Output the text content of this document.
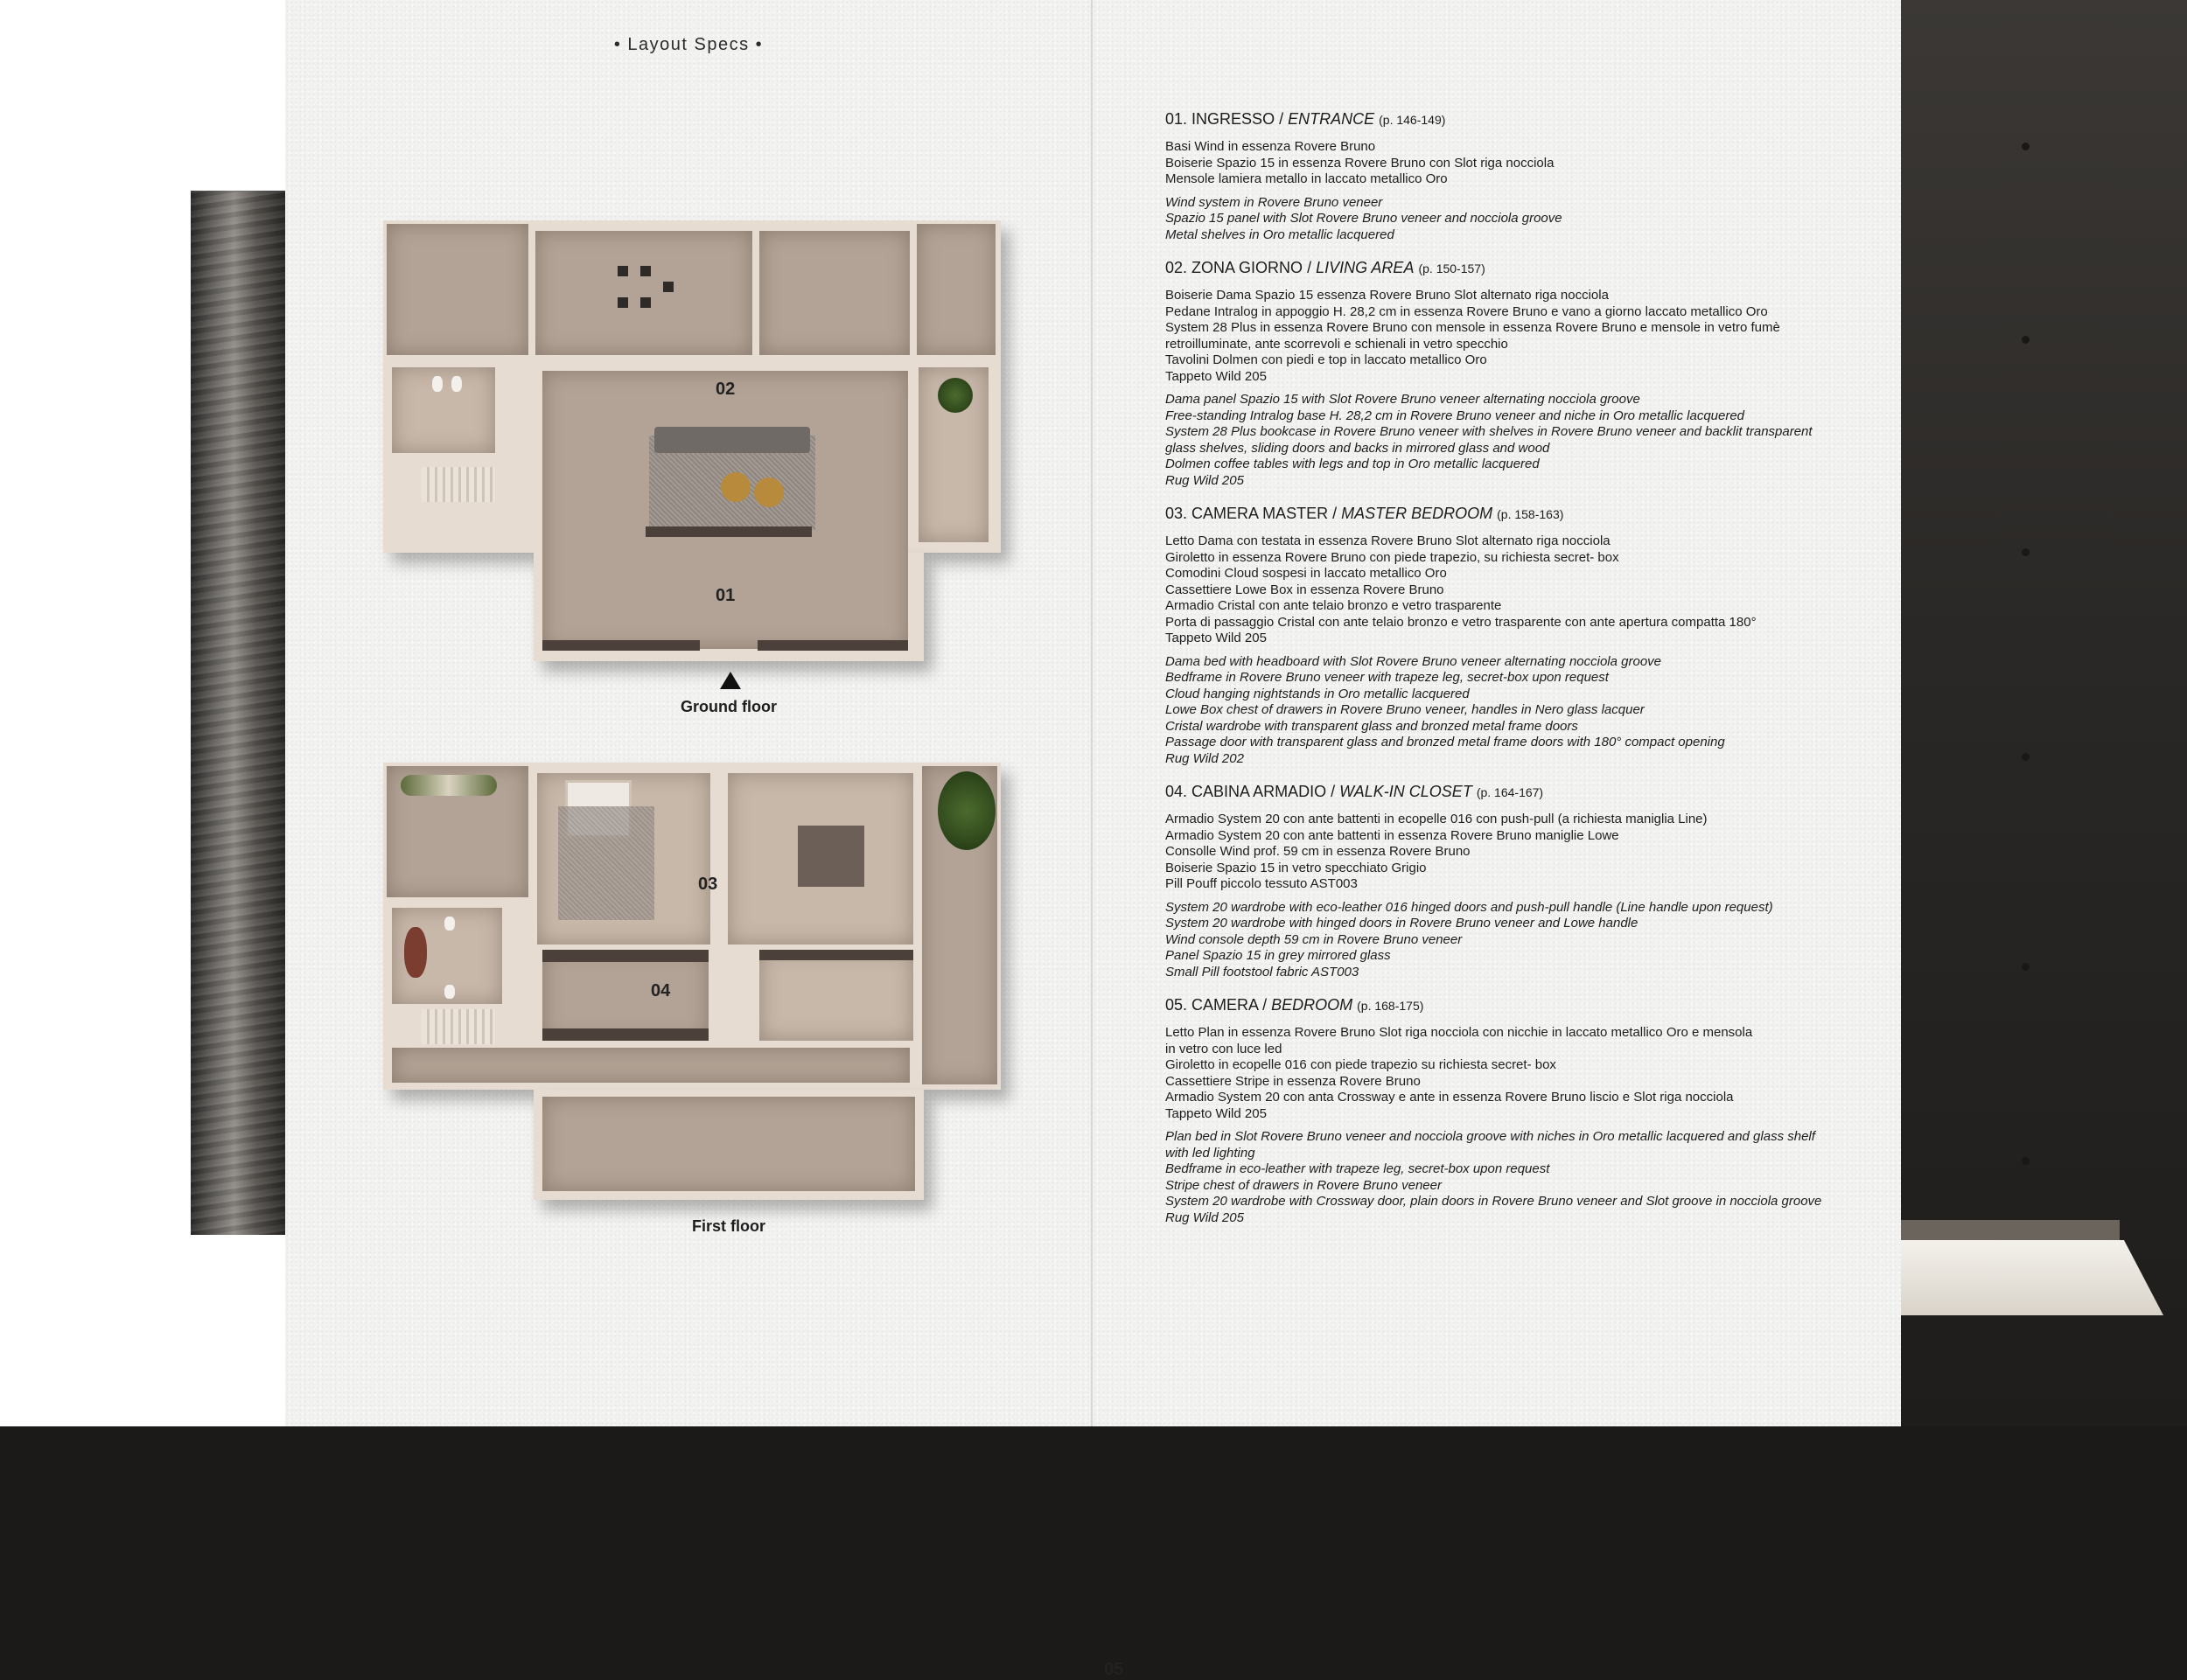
• Layout Specs •
02
01
Ground floor
03
05
04
First floor
01. INGRESSO / ENTRANCE (p. 146-149)
Basi Wind in essenza Rovere Bruno
Boiserie Spazio 15 in essenza Rovere Bruno con Slot riga nocciola
Mensole lamiera metallo in laccato metallico Oro
Wind system in Rovere Bruno veneer
Spazio 15 panel with Slot Rovere Bruno veneer and nocciola groove
Metal shelves in Oro metallic lacquered
02. ZONA GIORNO / LIVING AREA (p. 150-157)
Boiserie Dama Spazio 15 essenza Rovere Bruno Slot alternato riga nocciola
Pedane Intralog in appoggio H. 28,2 cm in essenza Rovere Bruno e vano a giorno laccato metallico Oro
System 28 Plus in essenza Rovere Bruno con mensole in essenza Rovere Bruno e mensole in vetro fumè
retroilluminate, ante scorrevoli e schienali in vetro specchio
Tavolini Dolmen con piedi e top in laccato metallico Oro
Tappeto Wild 205
Dama panel Spazio 15 with Slot Rovere Bruno veneer alternating nocciola groove
Free-standing Intralog base H. 28,2 cm in Rovere Bruno veneer and niche in Oro metallic lacquered
System 28 Plus bookcase in Rovere Bruno veneer with shelves in Rovere Bruno veneer and backlit transparent
glass shelves, sliding doors and backs in mirrored glass and wood
Dolmen coffee tables with legs and top in Oro metallic lacquered
Rug Wild 205
03. CAMERA MASTER / MASTER BEDROOM (p. 158-163)
Letto Dama con testata in essenza Rovere Bruno Slot alternato riga nocciola
Giroletto in essenza Rovere Bruno con piede trapezio, su richiesta secret- box
Comodini Cloud sospesi in laccato metallico Oro
Cassettiere Lowe Box in essenza Rovere Bruno
Armadio Cristal con ante telaio bronzo e vetro trasparente
Porta di passaggio Cristal con ante telaio bronzo e vetro trasparente con ante apertura compatta 180°
Tappeto Wild 205
Dama bed with headboard with Slot Rovere Bruno veneer alternating nocciola groove
Bedframe in Rovere Bruno veneer with trapeze leg, secret-box upon request
Cloud hanging nightstands in Oro metallic lacquered
Lowe Box chest of drawers in Rovere Bruno veneer, handles in Nero glass lacquer
Cristal wardrobe with transparent glass and bronzed metal frame doors
Passage door with transparent glass and bronzed metal frame doors with 180° compact opening
Rug Wild 202
04. CABINA ARMADIO / WALK-IN CLOSET (p. 164-167)
Armadio System 20 con ante battenti in ecopelle 016 con push-pull (a richiesta maniglia Line)
Armadio System 20 con ante battenti in essenza Rovere Bruno maniglie Lowe
Consolle Wind prof. 59 cm in essenza Rovere Bruno
Boiserie Spazio 15 in vetro specchiato Grigio
Pill Pouff piccolo tessuto AST003
System 20 wardrobe with eco-leather 016 hinged doors and push-pull handle (Line handle upon request)
System 20 wardrobe with hinged doors in Rovere Bruno veneer and Lowe handle
Wind console depth 59 cm in Rovere Bruno veneer
Panel Spazio 15 in grey mirrored glass
Small Pill footstool fabric AST003
05. CAMERA / BEDROOM (p. 168-175)
Letto Plan in essenza Rovere Bruno Slot riga nocciola con nicchie in laccato metallico Oro e mensola
in vetro con luce led
Giroletto in ecopelle 016 con piede trapezio su richiesta secret- box
Cassettiere Stripe in essenza Rovere Bruno
Armadio System 20 con anta Crossway e ante in essenza Rovere Bruno liscio e Slot riga nocciola
Tappeto Wild 205
Plan bed in Slot Rovere Bruno veneer and nocciola groove with niches in Oro metallic lacquered and glass shelf
with led lighting
Bedframe in eco-leather with trapeze leg, secret-box upon request
Stripe chest of drawers in Rovere Bruno veneer
System 20 wardrobe with Crossway door, plain doors in Rovere Bruno veneer and Slot groove in nocciola groove
Rug Wild 205
